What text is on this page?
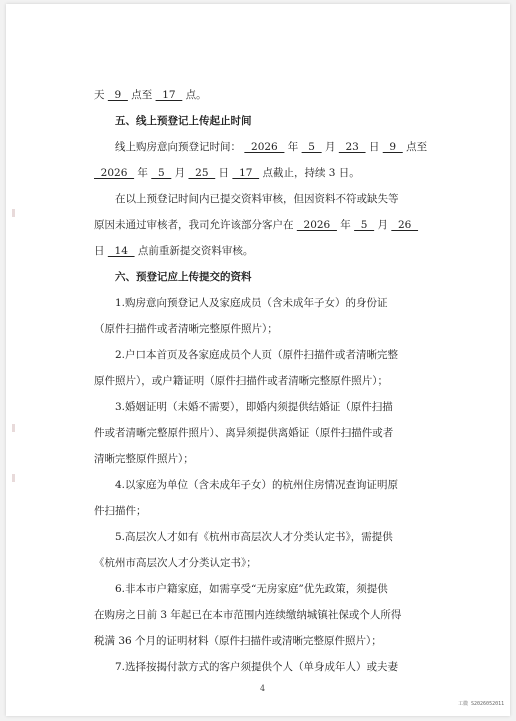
天   9   点至   17   点。
五、线上预登记上传起止时间
线上购房意向预登记时间：   2026   年   5   月   23   日   9   点至
2026   年   5   月   25   日   17   点截止，持续 3 日。
在以上预登记时间内已提交资料审核，但因资料不符或缺失等
原因未通过审核者，我司允许该部分客户在   2026   年   5   月   26
日   14   点前重新提交资料审核。
六、预登记应上传提交的资料
1.购房意向预登记人及家庭成员（含未成年子女）的身份证
（原件扫描件或者清晰完整原件照片）；
2.户口本首页及各家庭成员个人页（原件扫描件或者清晰完整
原件照片），或户籍证明（原件扫描件或者清晰完整原件照片）；
3.婚姻证明（未婚不需要），即婚内须提供结婚证（原件扫描
件或者清晰完整原件照片）、离异须提供离婚证（原件扫描件或者
清晰完整原件照片）；
4.以家庭为单位（含未成年子女）的杭州住房情况查询证明原
件扫描件；
5.高层次人才如有《杭州市高层次人才分类认定书》，需提供
《杭州市高层次人才分类认定书》；
6.非本市户籍家庭，如需享受“无房家庭”优先政策，须提供
在购房之日前 3 年起已在本市范围内连续缴纳城镇社保或个人所得
税满 36 个月的证明材料（原件扫描件或清晰完整原件照片）；
7.选择按揭付款方式的客户须提供个人（单身成年人）或夫妻
4
工微 S2026052011
